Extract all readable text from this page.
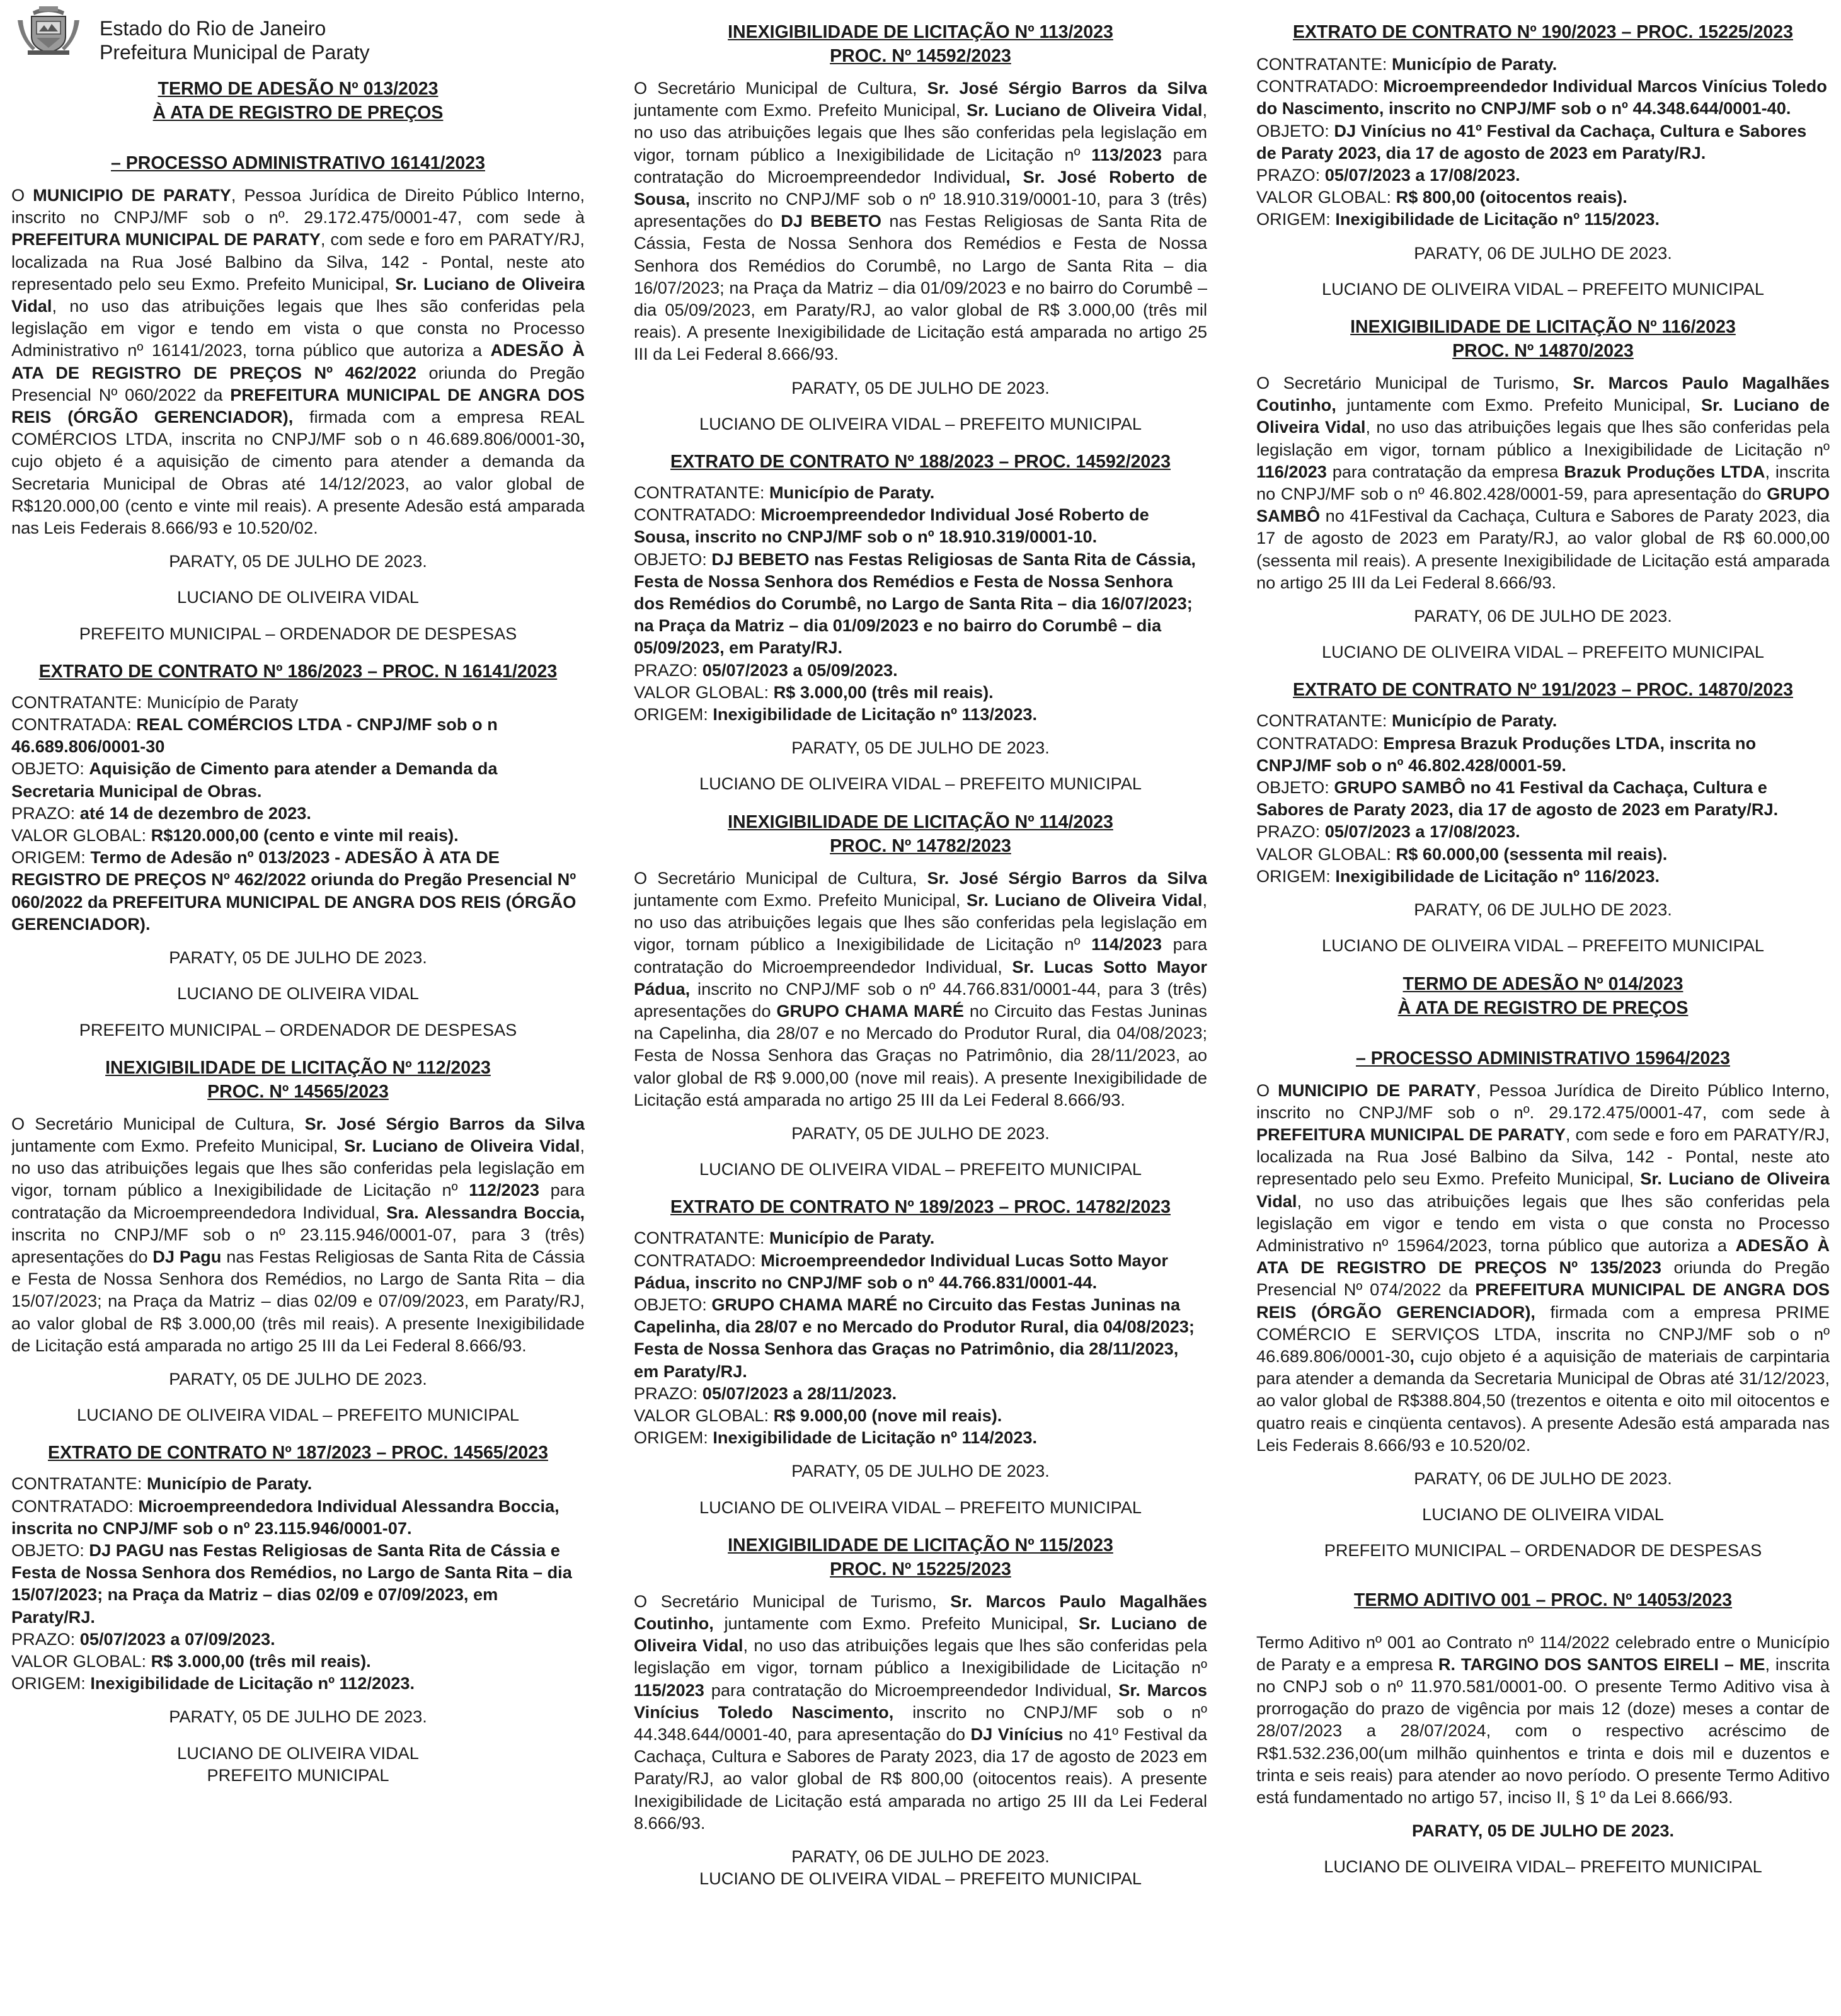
Estado do Rio de Janeiro
Prefeitura Municipal de Paraty
TERMO DE ADESÃO Nº 013/2023
À ATA DE REGISTRO DE PREÇOS
– PROCESSO ADMINISTRATIVO 16141/2023

O MUNICIPIO DE PARATY, Pessoa Jurídica de Direito Público Interno, inscrito no CNPJ/MF sob o nº. 29.172.475/0001-47, com sede à PREFEITURA MUNICIPAL DE PARATY, com sede e foro em PARATY/RJ, localizada na Rua José Balbino da Silva, 142 - Pontal, neste ato representado pelo seu Exmo. Prefeito Municipal, Sr. Luciano de Oliveira Vidal, no uso das atribuições legais que lhes são conferidas pela legislação em vigor e tendo em vista o que consta no Processo Administrativo nº 16141/2023, torna público que autoriza a ADESÃO À ATA DE REGISTRO DE PREÇOS Nº 462/2022 oriunda do Pregão Presencial Nº 060/2022 da PREFEITURA MUNICIPAL DE ANGRA DOS REIS (ÓRGÃO GERENCIADOR), firmada com a empresa REAL COMÉRCIOS LTDA, inscrita no CNPJ/MF sob o n 46.689.806/0001-30, cujo objeto é a aquisição de cimento para atender a demanda da Secretaria Municipal de Obras até 14/12/2023, ao valor global de R$120.000,00 (cento e vinte mil reais). A presente Adesão está amparada nas Leis Federais 8.666/93 e 10.520/02.

PARATY, 05 DE JULHO DE 2023.

LUCIANO DE OLIVEIRA VIDAL

PREFEITO MUNICIPAL – ORDENADOR DE DESPESAS

EXTRATO DE CONTRATO Nº 186/2023 – PROC. N 16141/2023

CONTRATANTE: Município de Paraty

CONTRATADA: REAL COMÉRCIOS LTDA - CNPJ/MF sob o n 46.689.806/0001-30

OBJETO: Aquisição de Cimento para atender a Demanda da Secretaria Municipal de Obras.

PRAZO: até 14 de dezembro de 2023.

VALOR GLOBAL: R$120.000,00 (cento e vinte mil reais).

ORIGEM: Termo de Adesão nº 013/2023 - ADESÃO À ATA DE REGISTRO DE PREÇOS Nº 462/2022 oriunda do Pregão Presencial Nº 060/2022 da PREFEITURA MUNICIPAL DE ANGRA DOS REIS (ÓRGÃO GERENCIADOR).

PARATY, 05 DE JULHO DE 2023.

LUCIANO DE OLIVEIRA VIDAL

PREFEITO MUNICIPAL – ORDENADOR DE DESPESAS

INEXIGIBILIDADE DE LICITAÇÃO Nº 112/2023
PROC. Nº 14565/2023

O Secretário Municipal de Cultura, Sr. José Sérgio Barros da Silva juntamente com Exmo. Prefeito Municipal, Sr. Luciano de Oliveira Vidal, no uso das atribuições legais que lhes são conferidas pela legislação em vigor, tornam público a Inexigibilidade de Licitação nº 112/2023 para contratação da Microempreendedora Individual, Sra. Alessandra Boccia, inscrita no CNPJ/MF sob o nº 23.115.946/0001-07, para 3 (três) apresentações do DJ Pagu nas Festas Religiosas de Santa Rita de Cássia e Festa de Nossa Senhora dos Remédios, no Largo de Santa Rita – dia 15/07/2023; na Praça da Matriz – dias 02/09 e 07/09/2023, em Paraty/RJ, ao valor global de R$ 3.000,00 (três mil reais). A presente Inexigibilidade de Licitação está amparada no artigo 25 III da Lei Federal 8.666/93.

PARATY, 05 DE JULHO DE 2023.

LUCIANO DE OLIVEIRA VIDAL – PREFEITO MUNICIPAL

EXTRATO DE CONTRATO Nº 187/2023 – PROC. 14565/2023

CONTRATANTE: Município de Paraty.

CONTRATADO: Microempreendedora Individual Alessandra Boccia, inscrita no CNPJ/MF sob o nº 23.115.946/0001-07.

OBJETO: DJ PAGU nas Festas Religiosas de Santa Rita de Cássia e Festa de Nossa Senhora dos Remédios, no Largo de Santa Rita – dia 15/07/2023; na Praça da Matriz – dias 02/09 e 07/09/2023, em Paraty/RJ.

PRAZO: 05/07/2023 a 07/09/2023.

VALOR GLOBAL: R$ 3.000,00 (três mil reais).

ORIGEM: Inexigibilidade de Licitação nº 112/2023.

PARATY, 05 DE JULHO DE 2023.

LUCIANO DE OLIVEIRA VIDAL

PREFEITO MUNICIPAL

INEXIGIBILIDADE DE LICITAÇÃO Nº 113/2023
PROC. Nº 14592/2023

O Secretário Municipal de Cultura, Sr. José Sérgio Barros da Silva juntamente com Exmo. Prefeito Municipal, Sr. Luciano de Oliveira Vidal, no uso das atribuições legais que lhes são conferidas pela legislação em vigor, tornam público a Inexigibilidade de Licitação nº 113/2023 para contratação do Microempreendedor Individual, Sr. José Roberto de Sousa, inscrito no CNPJ/MF sob o nº 18.910.319/0001-10, para 3 (três) apresentações do DJ BEBETO nas Festas Religiosas de Santa Rita de Cássia, Festa de Nossa Senhora dos Remédios e Festa de Nossa Senhora dos Remédios do Corumbê, no Largo de Santa Rita – dia 16/07/2023; na Praça da Matriz – dia 01/09/2023 e no bairro do Corumbê – dia 05/09/2023, em Paraty/RJ, ao valor global de R$ 3.000,00 (três mil reais). A presente Inexigibilidade de Licitação está amparada no artigo 25 III da Lei Federal 8.666/93.

PARATY, 05 DE JULHO DE 2023.

LUCIANO DE OLIVEIRA VIDAL – PREFEITO MUNICIPAL

EXTRATO DE CONTRATO Nº 188/2023 – PROC. 14592/2023

CONTRATANTE: Município de Paraty.

CONTRATADO: Microempreendedor Individual José Roberto de Sousa, inscrito no CNPJ/MF sob o nº 18.910.319/0001-10.

OBJETO: DJ BEBETO nas Festas Religiosas de Santa Rita de Cássia, Festa de Nossa Senhora dos Remédios e Festa de Nossa Senhora dos Remédios do Corumbê, no Largo de Santa Rita – dia 16/07/2023; na Praça da Matriz – dia 01/09/2023 e no bairro do Corumbê – dia 05/09/2023, em Paraty/RJ.

PRAZO: 05/07/2023 a 05/09/2023.

VALOR GLOBAL: R$ 3.000,00 (três mil reais).

ORIGEM: Inexigibilidade de Licitação nº 113/2023.

PARATY, 05 DE JULHO DE 2023.

LUCIANO DE OLIVEIRA VIDAL – PREFEITO MUNICIPAL

INEXIGIBILIDADE DE LICITAÇÃO Nº 114/2023
PROC. Nº 14782/2023

O Secretário Municipal de Cultura, Sr. José Sérgio Barros da Silva juntamente com Exmo. Prefeito Municipal, Sr. Luciano de Oliveira Vidal, no uso das atribuições legais que lhes são conferidas pela legislação em vigor, tornam público a Inexigibilidade de Licitação nº 114/2023 para contratação do Microempreendedor Individual, Sr. Lucas Sotto Mayor Pádua, inscrito no CNPJ/MF sob o nº 44.766.831/0001-44, para 3 (três) apresentações do GRUPO CHAMA MARÉ no Circuito das Festas Juninas na Capelinha, dia 28/07 e no Mercado do Produtor Rural, dia 04/08/2023; Festa de Nossa Senhora das Graças no Patrimônio, dia 28/11/2023, ao valor global de R$ 9.000,00 (nove mil reais). A presente Inexigibilidade de Licitação está amparada no artigo 25 III da Lei Federal 8.666/93.

PARATY, 05 DE JULHO DE 2023.

LUCIANO DE OLIVEIRA VIDAL – PREFEITO MUNICIPAL

EXTRATO DE CONTRATO Nº 189/2023 – PROC. 14782/2023

CONTRATANTE: Município de Paraty.

CONTRATADO: Microempreendedor Individual Lucas Sotto Mayor Pádua, inscrito no CNPJ/MF sob o nº 44.766.831/0001-44.

OBJETO: GRUPO CHAMA MARÉ no Circuito das Festas Juninas na Capelinha, dia 28/07 e no Mercado do Produtor Rural, dia 04/08/2023; Festa de Nossa Senhora das Graças no Patrimônio, dia 28/11/2023, em Paraty/RJ.

PRAZO: 05/07/2023 a 28/11/2023.

VALOR GLOBAL: R$ 9.000,00 (nove mil reais).

ORIGEM: Inexigibilidade de Licitação nº 114/2023.

PARATY, 05 DE JULHO DE 2023.

LUCIANO DE OLIVEIRA VIDAL – PREFEITO MUNICIPAL

INEXIGIBILIDADE DE LICITAÇÃO Nº 115/2023
PROC. Nº 15225/2023

O Secretário Municipal de Turismo, Sr. Marcos Paulo Magalhães Coutinho, juntamente com Exmo. Prefeito Municipal, Sr. Luciano de Oliveira Vidal, no uso das atribuições legais que lhes são conferidas pela legislação em vigor, tornam público a Inexigibilidade de Licitação nº 115/2023 para contratação do Microempreendedor Individual, Sr. Marcos Vinícius Toledo Nascimento, inscrito no CNPJ/MF sob o nº 44.348.644/0001-40, para apresentação do DJ Vinícius no 41º Festival da Cachaça, Cultura e Sabores de Paraty 2023, dia 17 de agosto de 2023 em Paraty/RJ, ao valor global de R$ 800,00 (oitocentos reais). A presente Inexigibilidade de Licitação está amparada no artigo 25 III da Lei Federal 8.666/93.

PARATY, 06 DE JULHO DE 2023.

LUCIANO DE OLIVEIRA VIDAL – PREFEITO MUNICIPAL

EXTRATO DE CONTRATO Nº 190/2023 – PROC. 15225/2023

CONTRATANTE: Município de Paraty.

CONTRATADO: Microempreendedor Individual Marcos Vinícius Toledo do Nascimento, inscrito no CNPJ/MF sob o nº 44.348.644/0001-40.

OBJETO: DJ Vinícius no 41º Festival da Cachaça, Cultura e Sabores de Paraty 2023, dia 17 de agosto de 2023 em Paraty/RJ.

PRAZO: 05/07/2023 a 17/08/2023.

VALOR GLOBAL: R$ 800,00 (oitocentos reais).

ORIGEM: Inexigibilidade de Licitação nº 115/2023.

PARATY, 06 DE JULHO DE 2023.

LUCIANO DE OLIVEIRA VIDAL – PREFEITO MUNICIPAL

INEXIGIBILIDADE DE LICITAÇÃO Nº 116/2023
PROC. Nº 14870/2023

O Secretário Municipal de Turismo, Sr. Marcos Paulo Magalhães Coutinho, juntamente com Exmo. Prefeito Municipal, Sr. Luciano de Oliveira Vidal, no uso das atribuições legais que lhes são conferidas pela legislação em vigor, tornam público a Inexigibilidade de Licitação nº 116/2023 para contratação da empresa Brazuk Produções LTDA, inscrita no CNPJ/MF sob o nº 46.802.428/0001-59, para apresentação do GRUPO SAMBÔ no 41Festival da Cachaça, Cultura e Sabores de Paraty 2023, dia 17 de agosto de 2023 em Paraty/RJ, ao valor global de R$ 60.000,00 (sessenta mil reais). A presente Inexigibilidade de Licitação está amparada no artigo 25 III da Lei Federal 8.666/93.

PARATY, 06 DE JULHO DE 2023.

LUCIANO DE OLIVEIRA VIDAL – PREFEITO MUNICIPAL

EXTRATO DE CONTRATO Nº 191/2023 – PROC. 14870/2023

CONTRATANTE: Município de Paraty.

CONTRATADO: Empresa Brazuk Produções LTDA, inscrita no CNPJ/MF sob o nº 46.802.428/0001-59.

OBJETO: GRUPO SAMBÔ no 41 Festival da Cachaça, Cultura e Sabores de Paraty 2023, dia 17 de agosto de 2023 em Paraty/RJ.

PRAZO: 05/07/2023 a 17/08/2023.

VALOR GLOBAL: R$ 60.000,00 (sessenta mil reais).

ORIGEM: Inexigibilidade de Licitação nº 116/2023.

PARATY, 06 DE JULHO DE 2023.

LUCIANO DE OLIVEIRA VIDAL – PREFEITO MUNICIPAL

TERMO DE ADESÃO Nº 014/2023
À ATA DE REGISTRO DE PREÇOS
– PROCESSO ADMINISTRATIVO 15964/2023

O MUNICIPIO DE PARATY, Pessoa Jurídica de Direito Público Interno, inscrito no CNPJ/MF sob o nº. 29.172.475/0001-47, com sede à PREFEITURA MUNICIPAL DE PARATY, com sede e foro em PARATY/RJ, localizada na Rua José Balbino da Silva, 142 - Pontal, neste ato representado pelo seu Exmo. Prefeito Municipal, Sr. Luciano de Oliveira Vidal, no uso das atribuições legais que lhes são conferidas pela legislação em vigor e tendo em vista o que consta no Processo Administrativo nº 15964/2023, torna público que autoriza a ADESÃO À ATA DE REGISTRO DE PREÇOS Nº 135/2023 oriunda do Pregão Presencial Nº 074/2022 da PREFEITURA MUNICIPAL DE ANGRA DOS REIS (ÓRGÃO GERENCIADOR), firmada com a empresa PRIME COMÉRCIO E SERVIÇOS LTDA, inscrita no CNPJ/MF sob o nº 46.689.806/0001-30, cujo objeto é a aquisição de materiais de carpintaria para atender a demanda da Secretaria Municipal de Obras até 31/12/2023, ao valor global de R$388.804,50 (trezentos e oitenta e oito mil oitocentos e quatro reais e cinqüenta centavos). A presente Adesão está amparada nas Leis Federais 8.666/93 e 10.520/02.

PARATY, 06 DE JULHO DE 2023.

LUCIANO DE OLIVEIRA VIDAL

PREFEITO MUNICIPAL – ORDENADOR DE DESPESAS

TERMO ADITIVO 001 – PROC. Nº 14053/2023

Termo Aditivo nº 001 ao Contrato nº 114/2022 celebrado entre o Município de Paraty e a empresa R. TARGINO DOS SANTOS EIRELI – ME, inscrita no CNPJ sob o nº 11.970.581/0001-00. O presente Termo Aditivo visa à prorrogação do prazo de vigência por mais 12 (doze) meses a contar de 28/07/2023 a 28/07/2024, com o respectivo acréscimo de R$1.532.236,00(um milhão quinhentos e trinta e dois mil e duzentos e trinta e seis reais) para atender ao novo período. O presente Termo Aditivo está fundamentado no artigo 57, inciso II, § 1º da Lei 8.666/93.

PARATY, 05 DE JULHO DE 2023.

LUCIANO DE OLIVEIRA VIDAL– PREFEITO MUNICIPAL
